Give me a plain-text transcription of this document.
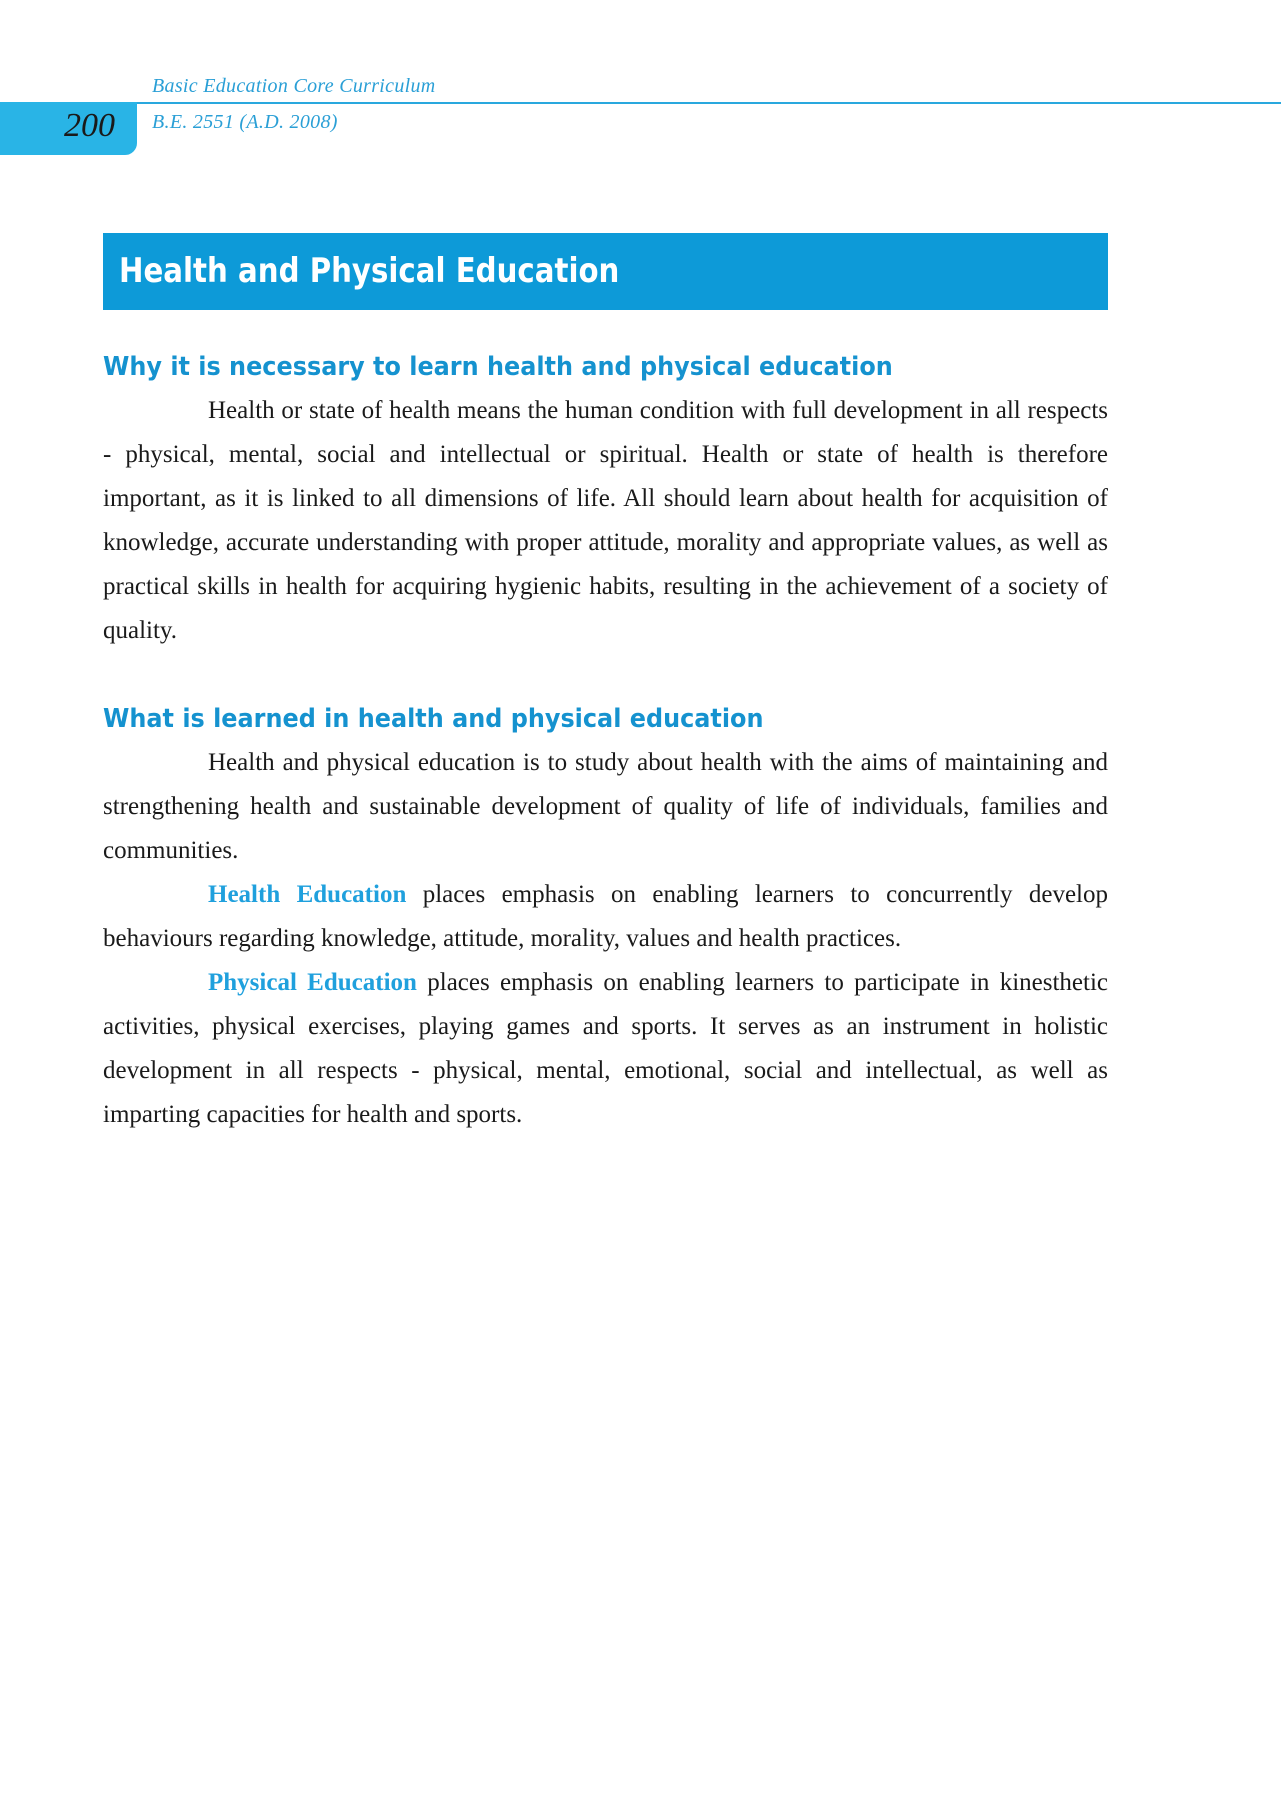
200
Basic Education Core Curriculum
B.E. 2551 (A.D. 2008)
Health and Physical Education
Why it is necessary to learn health and physical education

Health or state of health means the human condition with full development in all respects - physical, mental, social and intellectual or spiritual. Health or state of health is therefore important, as it is linked to all dimensions of life. All should learn about health for acquisition of knowledge, accurate understanding with proper attitude, morality and appropriate values, as well as practical skills in health for acquiring hygienic habits, resulting in the achievement of a society of quality.

What is learned in health and physical education

Health and physical education is to study about health with the aims of maintaining and strengthening health and sustainable development of quality of life of individuals, families and communities.

Health Education places emphasis on enabling learners to concurrently develop behaviours regarding knowledge, attitude, morality, values and health practices.

Physical Education places emphasis on enabling learners to participate in kinesthetic activities, physical exercises, playing games and sports. It serves as an instrument in holistic development in all respects - physical, mental, emotional, social and intellectual, as well as imparting capacities for health and sports.
